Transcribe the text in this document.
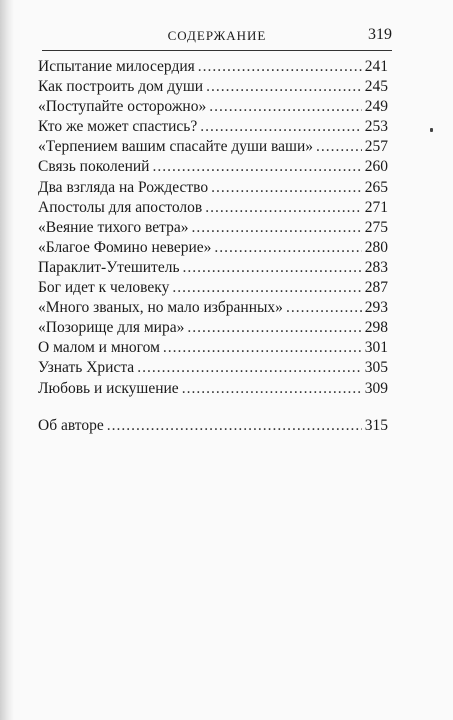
СОДЕРЖАНИЕ	319
Испытание милосердия .....	241
Как построить дом души .....	245
«Поступайте осторожно» .....	249
Кто же может спастись? .....	253
«Терпением вашим спасайте души ваши» .....	257
Связь поколений .....	260
Два взгляда на Рождество .....	265
Апостолы для апостолов .....	271
«Веяние тихого ветра» .....	275
«Благое Фомино неверие» .....	280
Параклит-Утешитель .....	283
Бог идет к человеку .....	287
«Много званых, но мало избранных» .....	293
«Позорище для мира» .....	298
О малом и многом .....	301
Узнать Христа .....	305
Любовь и искушение .....	309
Об авторе .....	315
